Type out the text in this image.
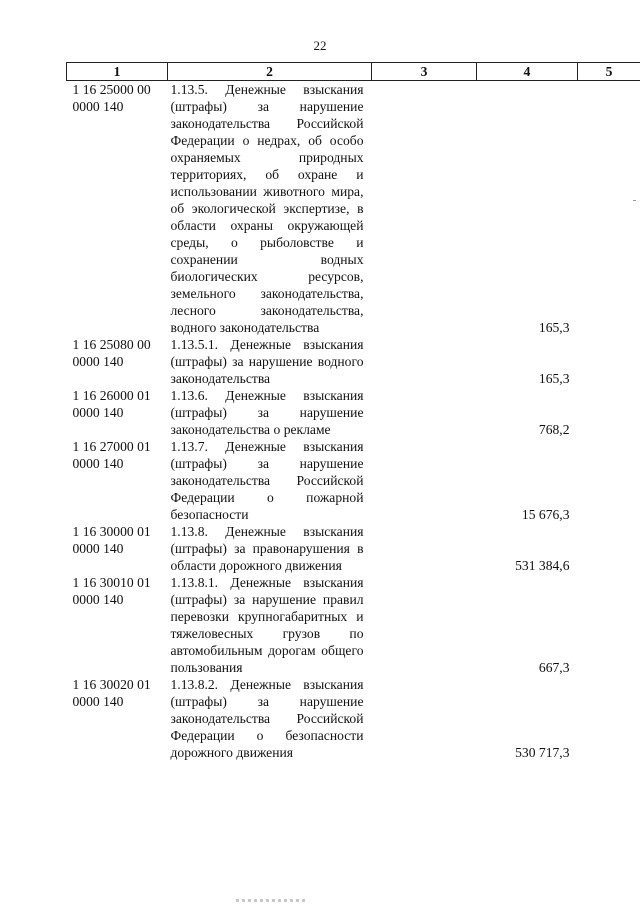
22
1	2	3	4	5
1 16 25000 00
0000 140	1.13.5. Денежные взыскания (штрафы) за нарушение законодательства Российской Федерации о недрах, об особо охраняемых природных территориях, об охране и использовании животного мира, об экологической экспертизе, в области охраны окружающей среды, о рыболовстве и сохранении водных биологических ресурсов, земельного законодательства, лесного законодательства, водного законодательства		165,3	
1 16 25080 00
0000 140	1.13.5.1. Денежные взыскания (штрафы) за нарушение водного законодательства		165,3	
1 16 26000 01
0000 140	1.13.6. Денежные взыскания (штрафы) за нарушение законодательства о рекламе		768,2	
1 16 27000 01
0000 140	1.13.7. Денежные взыскания (штрафы) за нарушение законодательства Российской Федерации о пожарной безопасности		15 676,3	
1 16 30000 01
0000 140	1.13.8. Денежные взыскания (штрафы) за правонарушения в области дорожного движения		531 384,6	
1 16 30010 01
0000 140	1.13.8.1. Денежные взыскания (штрафы) за нарушение правил перевозки крупногабаритных и тяжеловесных грузов по автомобильным дорогам общего пользования		667,3	
1 16 30020 01
0000 140	1.13.8.2. Денежные взыскания (штрафы) за нарушение законодательства Российской Федерации о безопасности дорожного движения		530 717,3	
